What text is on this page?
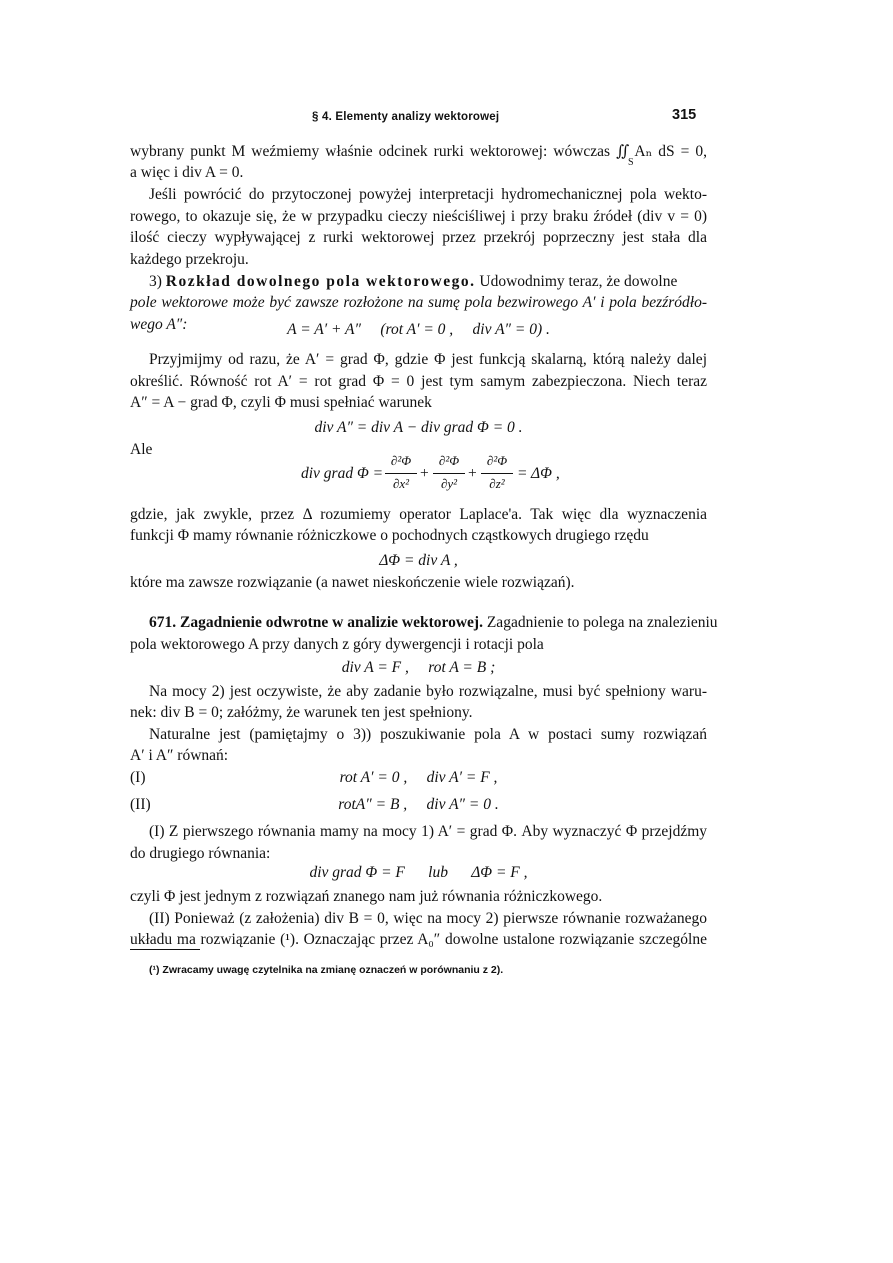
§ 4. Elementy analizy wektorowej	315
wybrany punkt M weźmiemy właśnie odcinek rurki wektorowej: wówczas ∬ Aₙ dS = 0,
S
a więc i div A = 0.
Jeśli powrócić do przytoczonej powyżej interpretacji hydromechanicznej pola wekto-
rowego, to okazuje się, że w przypadku cieczy nieściśliwej i przy braku źródeł (div v = 0)
ilość cieczy wypływającej z rurki wektorowej przez przekrój poprzeczny jest stała dla
każdego przekroju.
3) Rozkład dowolnego pola wektorowego. Udowodnimy teraz, że dowolne
pole wektorowe może być zawsze rozłożone na sumę pola bezwirowego A′ i pola bezźródło-
wego A″:	A = A′ + A″     (rot A′ = 0 ,     div A″ = 0) .
Przyjmijmy od razu, że A′ = grad Φ, gdzie Φ jest funkcją skalarną, którą należy dalej
określić. Równość rot A′ = rot grad Φ = 0 jest tym samym zabezpieczona. Niech teraz
A″ = A − grad Φ, czyli Φ musi spełniać warunek
div A″ = div A − div grad Φ = 0 .
Ale
div grad Φ =
∂²Φ
∂x²
+
∂²Φ
∂y²
+
∂²Φ
∂z²
= ΔΦ ,
gdzie, jak zwykle, przez Δ rozumiemy operator Laplace'a. Tak więc dla wyznaczenia
funkcji Φ mamy równanie różniczkowe o pochodnych cząstkowych drugiego rzędu
ΔΦ = div A ,
które ma zawsze rozwiązanie (a nawet nieskończenie wiele rozwiązań).
671. Zagadnienie odwrotne w analizie wektorowej. Zagadnienie to polega na znalezieniu
pola wektorowego A przy danych z góry dywergencji i rotacji pola
div A = F ,     rot A = B ;
Na mocy 2) jest oczywiste, że aby zadanie było rozwiązalne, musi być spełniony waru-
nek: div B = 0; załóżmy, że warunek ten jest spełniony.
Naturalne jest (pamiętajmy o 3)) poszukiwanie pola A w postaci sumy rozwiązań
A′ i A″ równań:
(I)	rot A′ = 0 ,     div A′ = F ,
(II)	rotA″ = B ,     div A″ = 0 .
(I) Z pierwszego równania mamy na mocy 1) A′ = grad Φ. Aby wyznaczyć Φ przejdźmy
do drugiego równania:
div grad Φ = F      lub      ΔΦ = F ,
czyli Φ jest jednym z rozwiązań znanego nam już równania różniczkowego.
(II) Ponieważ (z założenia) div B = 0, więc na mocy 2) pierwsze równanie rozważanego
układu ma rozwiązanie (¹). Oznaczając przez A₀″ dowolne ustalone rozwiązanie szczególne
(¹) Zwracamy uwagę czytelnika na zmianę oznaczeń w porównaniu z 2).
